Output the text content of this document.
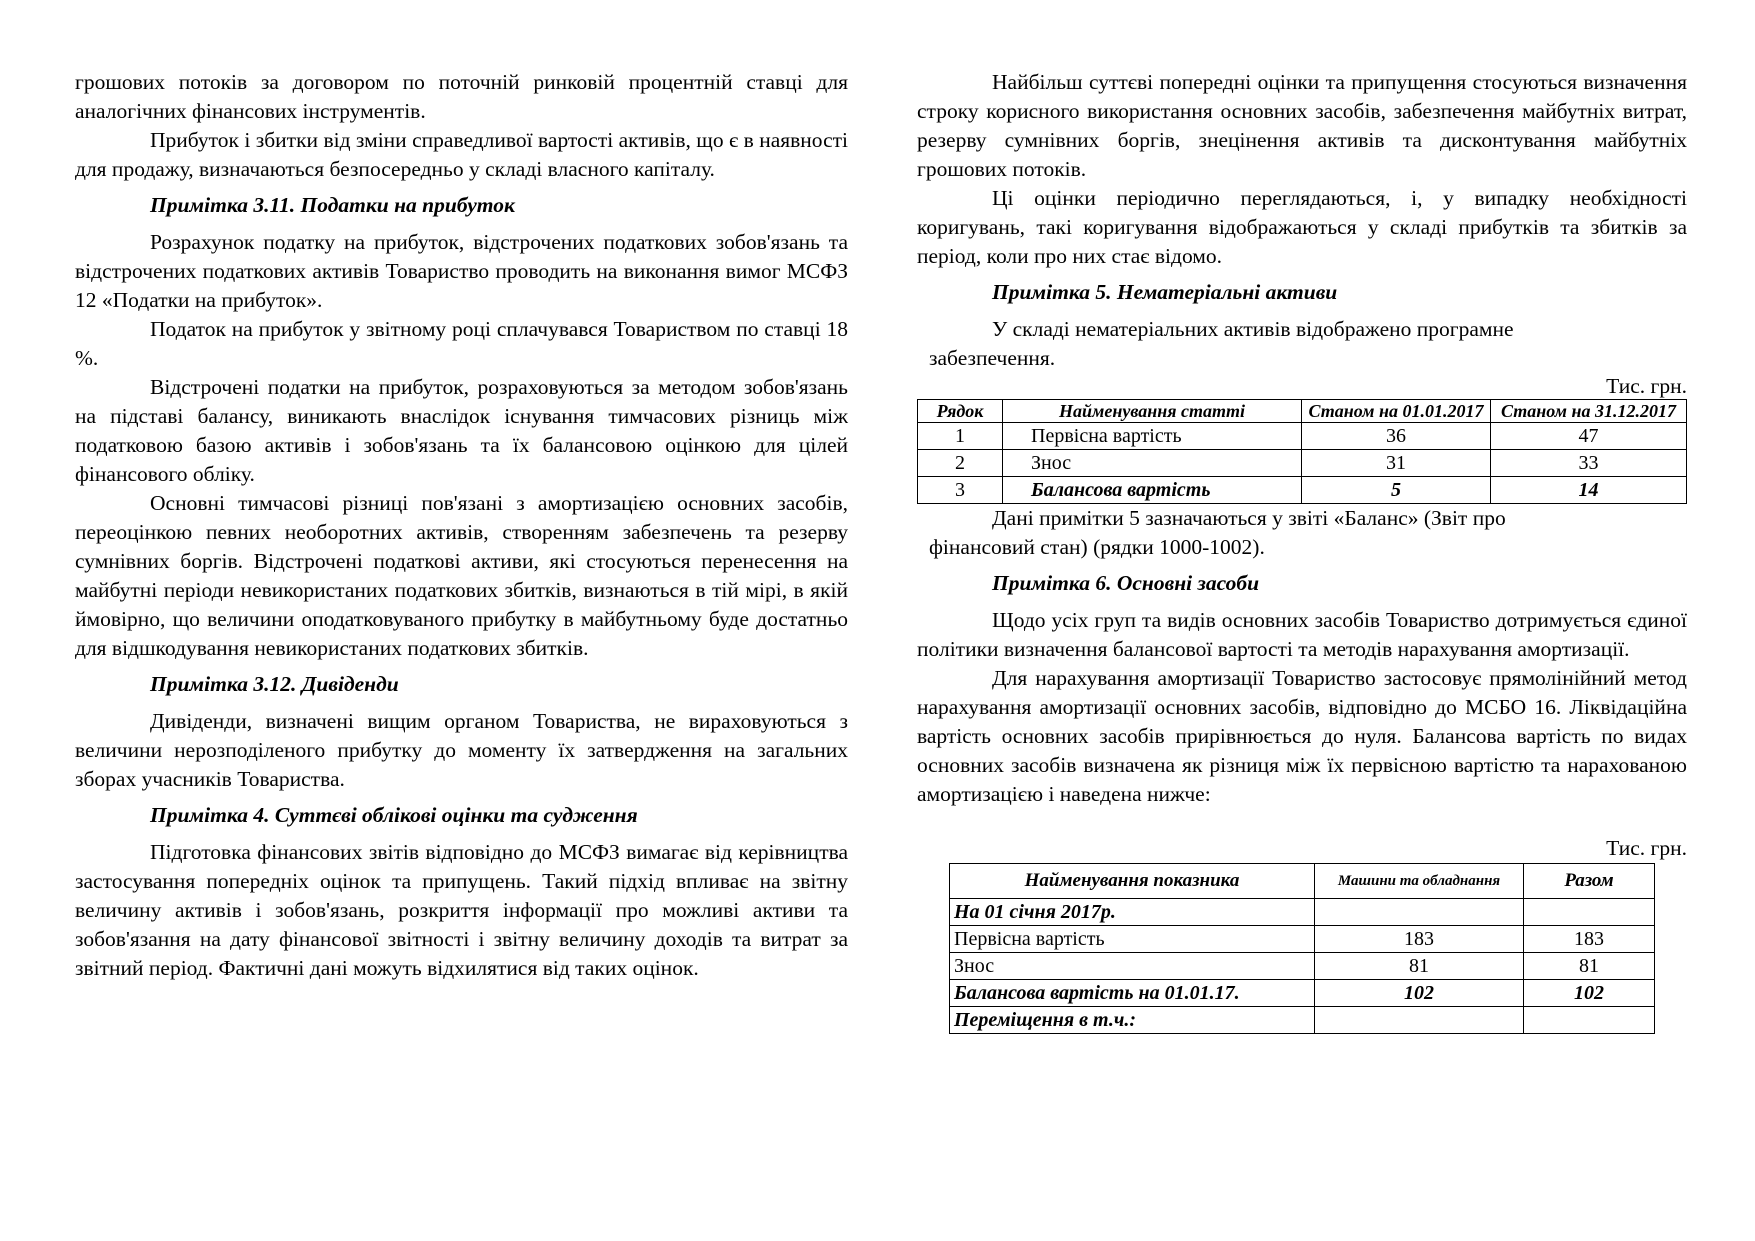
грошових потоків за договором по поточній ринковій процентній ставці для аналогічних фінансових інструментів.

Прибуток і збитки від зміни справедливої вартості активів, що є в наявності для продажу, визначаються безпосередньо у складі власного капіталу.

Примітка 3.11. Податки на прибуток

Розрахунок податку на прибуток, відстрочених податкових зобов'язань та відстрочених податкових активів Товариство проводить на виконання вимог МСФЗ 12 «Податки на прибуток».

Податок на прибуток у звітному році сплачувався Товариством по ставці 18 %.

Відстрочені податки на прибуток, розраховуються за методом зобов'язань на підставі балансу, виникають внаслідок існування тимчасових різниць між податковою базою активів і зобов'язань та їх балансовою оцінкою для цілей фінансового обліку.

Основні тимчасові різниці пов'язані з амортизацією основних засобів, переоцінкою певних необоротних активів, створенням забезпечень та резерву сумнівних боргів. Відстрочені податкові активи, які стосуються перенесення на майбутні періоди невикористаних податкових збитків, визнаються в тій мірі, в якій ймовірно, що величини оподатковуваного прибутку в майбутньому буде достатньо для відшкодування невикористаних податкових збитків.

Примітка 3.12. Дивіденди

Дивіденди, визначені вищим органом Товариства, не вираховуються з величини нерозподіленого прибутку до моменту їх затвердження на загальних зборах учасників Товариства.

Примітка 4. Суттєві облікові оцінки та судження

Підготовка фінансових звітів відповідно до МСФЗ вимагає від керівництва застосування попередніх оцінок та припущень. Такий підхід впливає на звітну величину активів і зобов'язань, розкриття інформації про можливі активи та зобов'язання на дату фінансової звітності і звітну величину доходів та витрат за звітний період. Фактичні дані можуть відхилятися від таких оцінок.

Найбільш суттєві попередні оцінки та припущення стосуються визначення строку корисного використання основних засобів, забезпечення майбутніх витрат, резерву сумнівних боргів, знецінення активів та дисконтування майбутніх грошових потоків.

Ці оцінки періодично переглядаються, і, у випадку необхідності коригувань, такі коригування відображаються у складі прибутків та збитків за період, коли про них стає відомо.

Примітка 5. Нематеріальні активи

У складі нематеріальних активів відображено програмне

забезпечення.

Тис. грн.
Рядок	Найменування статті	Станом на 01.01.2017	Станом на 31.12.2017
1	Первісна вартість	36	47
2	Знос	31	33
3	Балансова вартість	5	14

Дані примітки 5 зазначаються у звіті «Баланс» (Звіт про

фінансовий стан) (рядки 1000-1002).

Примітка 6. Основні засоби

Щодо усіх груп та видів основних засобів Товариство дотримується єдиної політики визначення балансової вартості та методів нарахування амортизації.

Для нарахування амортизації Товариство застосовує прямолінійний метод нарахування амортизації основних засобів, відповідно до МСБО 16. Ліквідаційна вартість основних засобів прирівнюється до нуля. Балансова вартість по видах основних засобів визначена як різниця між їх первісною вартістю та нарахованою амортизацією і наведена нижче:

Тис. грн.
Найменування показника	Машини та обладнання	Разом
На 01 січня 2017р.		
Первісна вартість	183	183
Знос	81	81
Балансова вартість на 01.01.17.	102	102
Переміщення в т.ч.:		
